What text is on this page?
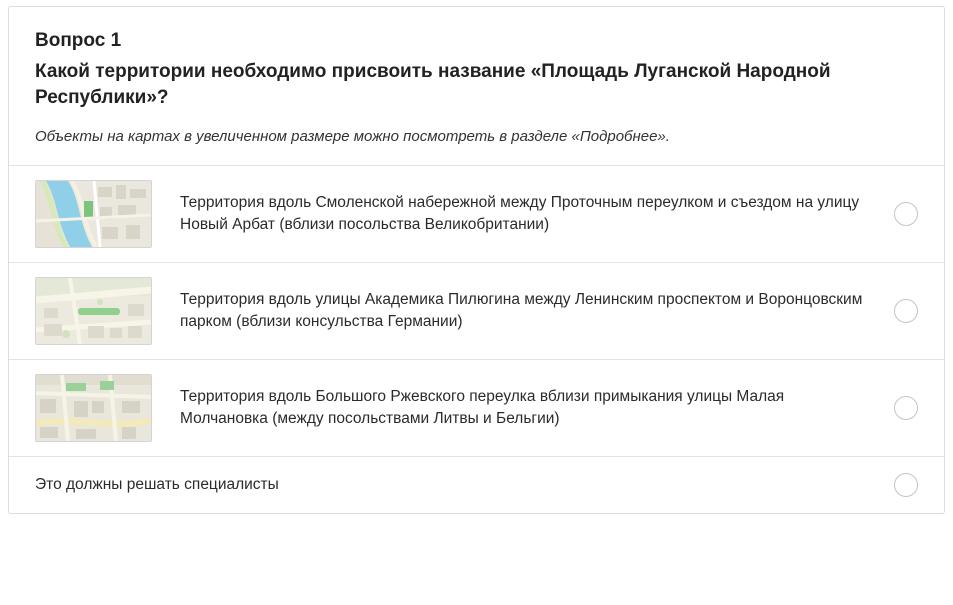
Вопрос 1
Какой территории необходимо присвоить название «Площадь Луганской Народной Республики»?
Объекты на картах в увеличенном размере можно посмотреть в разделе «Подробнее».
Территория вдоль Смоленской набережной между Проточным переулком и съездом на улицу Новый Арбат (вблизи посольства Великобритании)
Территория вдоль улицы Академика Пилюгина между Ленинским проспектом и Воронцовским парком (вблизи консульства Германии)
Территория вдоль Большого Ржевского переулка вблизи примыкания улицы Малая Молчановка (между посольствами Литвы и Бельгии)
Это должны решать специалисты
